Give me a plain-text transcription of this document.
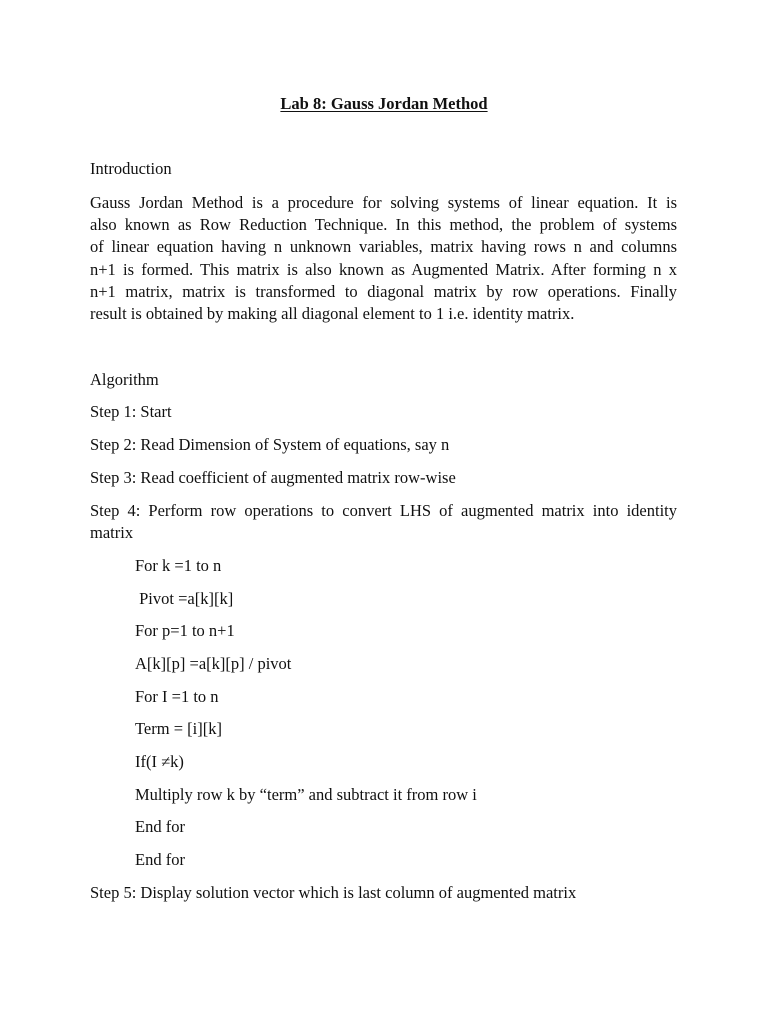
Lab 8: Gauss Jordan Method
Introduction
Gauss Jordan Method is a procedure for solving systems of linear equation. It is
also known as Row Reduction Technique. In this method, the problem of systems
of linear equation having n unknown variables, matrix having rows n and columns
n+1 is formed. This matrix is also known as Augmented Matrix. After forming n x
n+1 matrix, matrix is transformed to diagonal matrix by row operations. Finally
result is obtained by making all diagonal element to 1 i.e. identity matrix.
Algorithm
Step 1: Start
Step 2: Read Dimension of System of equations, say n
Step 3: Read coefficient of augmented matrix row-wise
Step 4: Perform row operations to convert LHS of augmented matrix into identity
matrix
For k =1 to n
Pivot =a[k][k]
For p=1 to n+1
A[k][p] =a[k][p] / pivot
For I =1 to n
Term = [i][k]
If(I ≠k)
Multiply row k by “term” and subtract it from row i
End for
End for
Step 5: Display solution vector which is last column of augmented matrix
